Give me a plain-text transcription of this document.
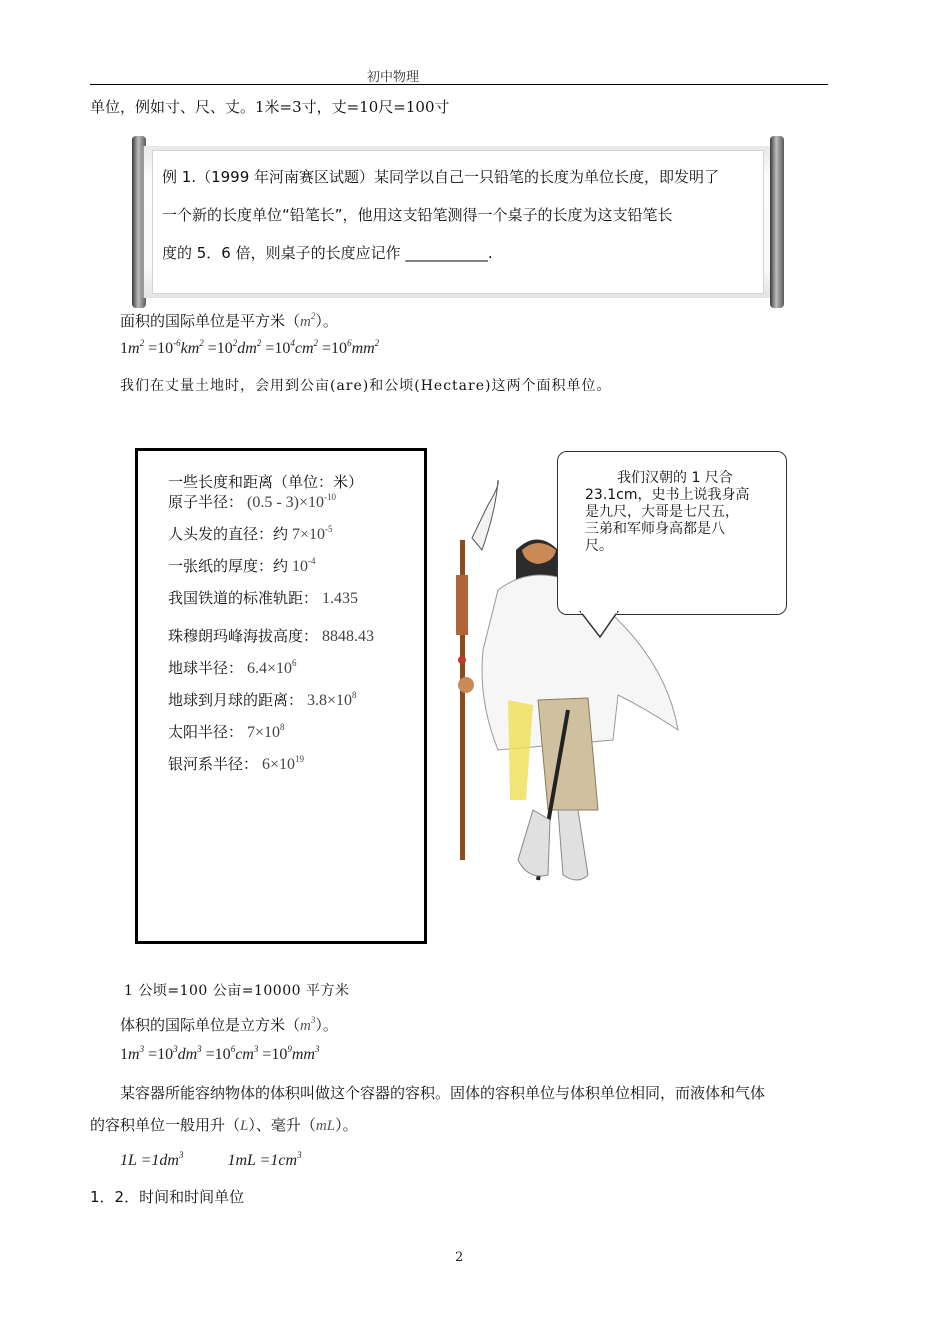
初中物理
单位，例如寸、尺、丈。1米=3寸，丈=10尺=100寸
例 1.（1999 年河南赛区试题）某同学以自己一只铅笔的长度为单位长度，即发明了
一个新的长度单位“铅笔长”，他用这支铅笔测得一个桌子的长度为这支铅笔长
度的 5．6 倍，则桌子的长度应记作 ___________.
面积的国际单位是平方米$(m^2)$。
$1m^2 =10^{-6}km^2 =10^2dm^2 =10^4cm^2 =10^6mm^2$
我们在丈量土地时，会用到公亩(are)和公顷(Hectare)这两个面积单位。
一些长度和距离（单位：米）
原子半径： $(0.5 - 3)\times 10^{-10}$
人头发的直径：约 $7\times 10^{-5}$
一张纸的厚度：约 $10^{-4}$
我国铁道的标准轨距： 1.435
珠穆朗玛峰海拔高度： 8848.43
地球半径： $6.4\times 10^6$
地球到月球的距离： $3.8\times 10^8$
太阳半径： $7\times 10^8$
银河系半径： $6\times 10^{19}$
我们汉朝的 1 尺合
23.1cm，史书上说我身高
是九尺，大哥是七尺五，
三弟和军师身高都是八
尺。
1 公顷=100 公亩=10000 平方米
体积的国际单位是立方米$(m^3)$。
$1m^3 =10^3dm^3 =10^6cm^3 =10^9mm^3$
某容器所能容纳物体的体积叫做这个容器的容积。固体的容积单位与体积单位相同，而液体和气体
的容积单位一般用升（L）、毫升（mL）。
$1L =1dm^3$	$1mL =1cm^3$
1．2．时间和时间单位
2
